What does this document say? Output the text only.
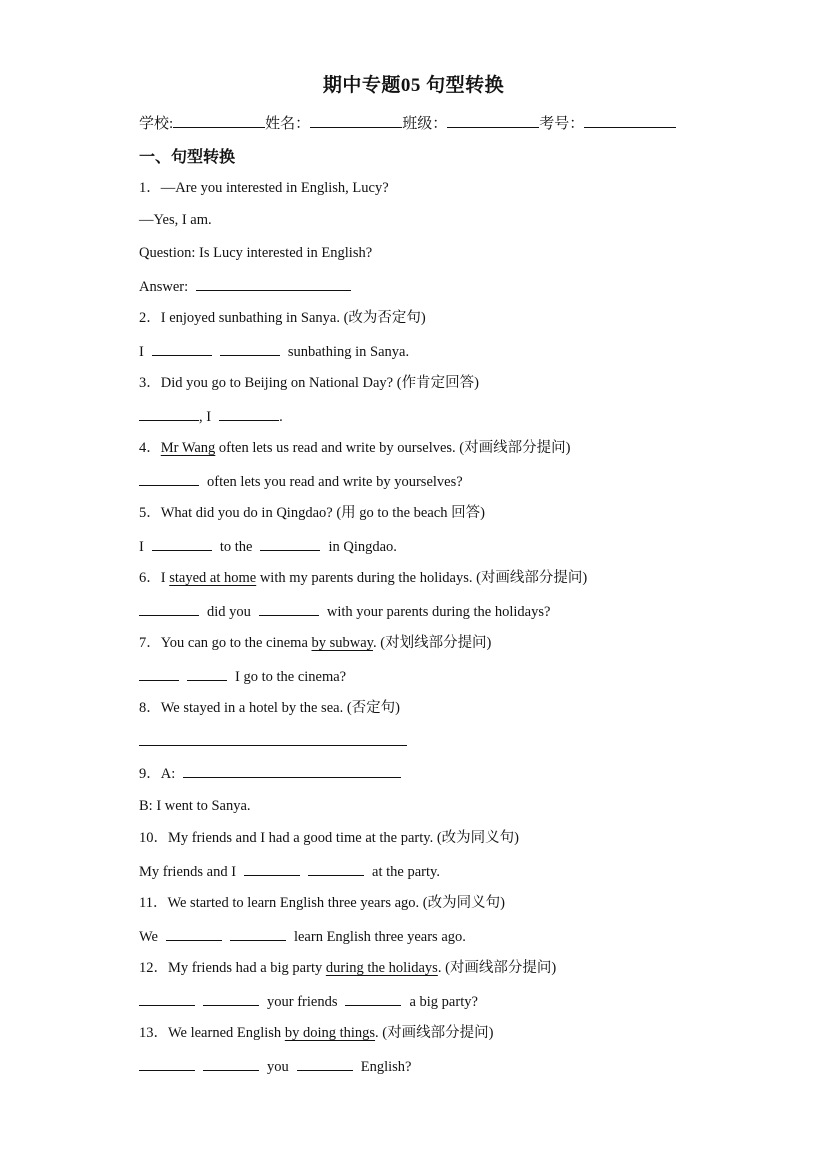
期中专题05 句型转换
学校:	姓名：	班级：	考号：
一、句型转换
1．—Are you interested in English, Lucy?
—Yes, I am.
Question: Is Lucy interested in English?
Answer:
2．I enjoyed sunbathing in Sanya. (改为否定句)
I	sunbathing in Sanya.
3．Did you go to Beijing on National Day? (作肯定回答)
, I	.
4．Mr Wang often lets us read and write by ourselves. (对画线部分提问)
often lets you read and write by yourselves?
5．What did you do in Qingdao? (用 go to the beach 回答)
I	to the	in Qingdao.
6．I stayed at home with my parents during the holidays. (对画线部分提问)
did you	with your parents during the holidays?
7．You can go to the cinema by subway. (对划线部分提问)
I go to the cinema?
8．We stayed in a hotel by the sea. (否定句)
9．A:
B: I went to Sanya.
10．My friends and I had a good time at the party. (改为同义句)
My friends and I	at the party.
11．We started to learn English three years ago. (改为同义句)
We	learn English three years ago.
12．My friends had a big party during the holidays. (对画线部分提问)
your friends	a big party?
13．We learned English by doing things. (对画线部分提问)
you	English?
